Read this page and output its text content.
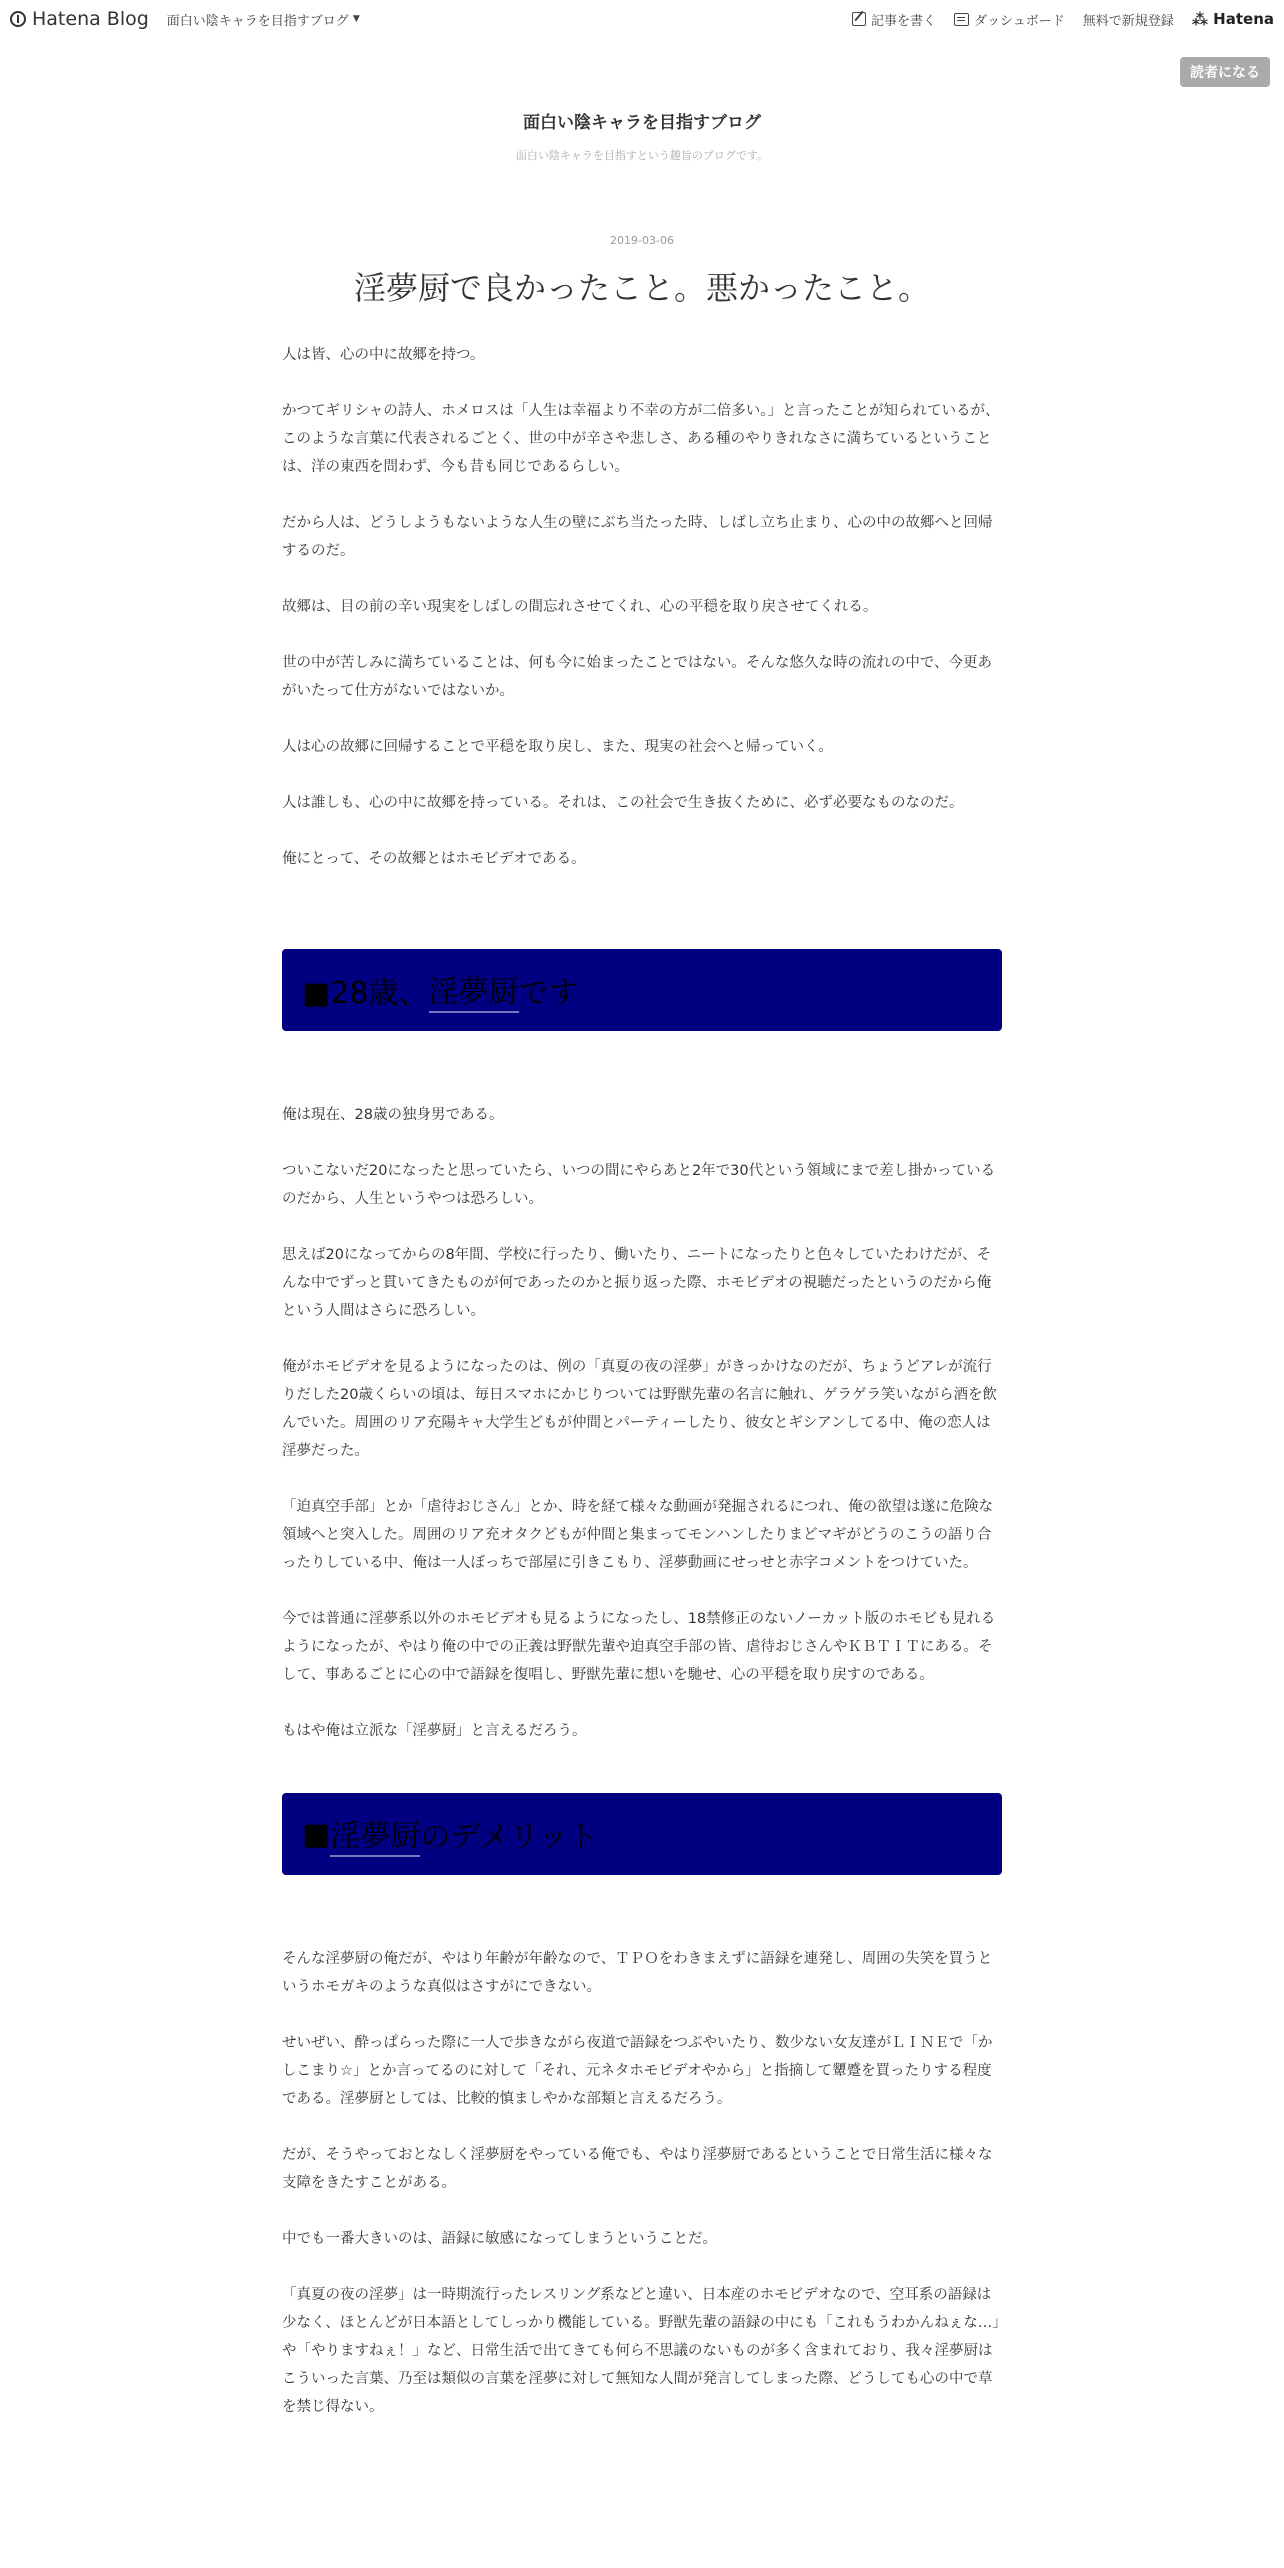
Hatena Blog 面白い陰キャラを目指すブログ ▼	記事を書く	ダッシュボード 無料で新規登録 ⁂ Hatena
読者になる
面白い陰キャラを目指すブログ
面白い陰キャラを目指すという趣旨のブログです。
2019-03-06
淫夢厨で良かったこと。悪かったこと。

人は皆、心の中に故郷を持つ。

かつてギリシャの詩人、ホメロスは「人生は幸福より不幸の方が二倍多い。」と言ったことが知られているが、このような言葉に代表されるごとく、世の中が辛さや悲しさ、ある種のやりきれなさに満ちているということは、洋の東西を問わず、今も昔も同じであるらしい。

だから人は、どうしようもないような人生の壁にぶち当たった時、しばし立ち止まり、心の中の故郷へと回帰するのだ。

故郷は、目の前の辛い現実をしばしの間忘れさせてくれ、心の平穏を取り戻させてくれる。

世の中が苦しみに満ちていることは、何も今に始まったことではない。そんな悠久な時の流れの中で、今更あがいたって仕方がないではないか。

人は心の故郷に回帰することで平穏を取り戻し、また、現実の社会へと帰っていく。

人は誰しも、心の中に故郷を持っている。それは、この社会で生き抜くために、必ず必要なものなのだ。

俺にとって、その故郷とはホモビデオである。

■28歳、 淫夢厨 です

俺は現在、28歳の独身男である。

ついこないだ20になったと思っていたら、いつの間にやらあと2年で30代という領域にまで差し掛かっているのだから、人生というやつは恐ろしい。

思えば20になってからの8年間、学校に行ったり、働いたり、ニートになったりと色々していたわけだが、そんな中でずっと貫いてきたものが何であったのかと振り返った際、ホモビデオの視聴だったというのだから俺という人間はさらに恐ろしい。

俺がホモビデオを見るようになったのは、例の「真夏の夜の淫夢」がきっかけなのだが、ちょうどアレが流行りだした20歳くらいの頃は、毎日スマホにかじりついては野獣先輩の名言に触れ、ゲラゲラ笑いながら酒を飲んでいた。周囲のリア充陽キャ大学生どもが仲間とパーティーしたり、彼女とギシアンしてる中、俺の恋人は淫夢だった。

「迫真空手部」とか「虐待おじさん」とか、時を経て様々な動画が発掘されるにつれ、俺の欲望は遂に危険な領域へと突入した。周囲のリア充オタクどもが仲間と集まってモンハンしたりまどマギがどうのこうの語り合ったりしている中、俺は一人ぼっちで部屋に引きこもり、淫夢動画にせっせと赤字コメントをつけていた。

今では普通に淫夢系以外のホモビデオも見るようになったし、18禁修正のないノーカット版のホモビも見れるようになったが、やはり俺の中での正義は野獣先輩や迫真空手部の皆、虐待おじさんやＫＢＴＩＴにある。そして、事あるごとに心の中で語録を復唱し、野獣先輩に想いを馳せ、心の平穏を取り戻すのである。

もはや俺は立派な「淫夢厨」と言えるだろう。

■ 淫夢厨 のデメリット

そんな淫夢厨の俺だが、やはり年齢が年齢なので、ＴＰＯをわきまえずに語録を連発し、周囲の失笑を買うというホモガキのような真似はさすがにできない。

せいぜい、酔っぱらった際に一人で歩きながら夜道で語録をつぶやいたり、数少ない女友達がＬＩＮＥで「かしこまり☆」とか言ってるのに対して「それ、元ネタホモビデオやから」と指摘して顰蹙を買ったりする程度である。淫夢厨としては、比較的慎ましやかな部類と言えるだろう。

だが、そうやっておとなしく淫夢厨をやっている俺でも、やはり淫夢厨であるということで日常生活に様々な支障をきたすことがある。

中でも一番大きいのは、語録に敏感になってしまうということだ。

「真夏の夜の淫夢」は一時期流行ったレスリング系などと違い、日本産のホモビデオなので、空耳系の語録は少なく、ほとんどが日本語としてしっかり機能している。野獣先輩の語録の中にも「これもうわかんねぇな…」や「やりますねぇ！」など、日常生活で出てきても何ら不思議のないものが多く含まれており、我々淫夢厨はこういった言葉、乃至は類似の言葉を淫夢に対して無知な人間が発言してしまった際、どうしても心の中で草を禁じ得ない。
